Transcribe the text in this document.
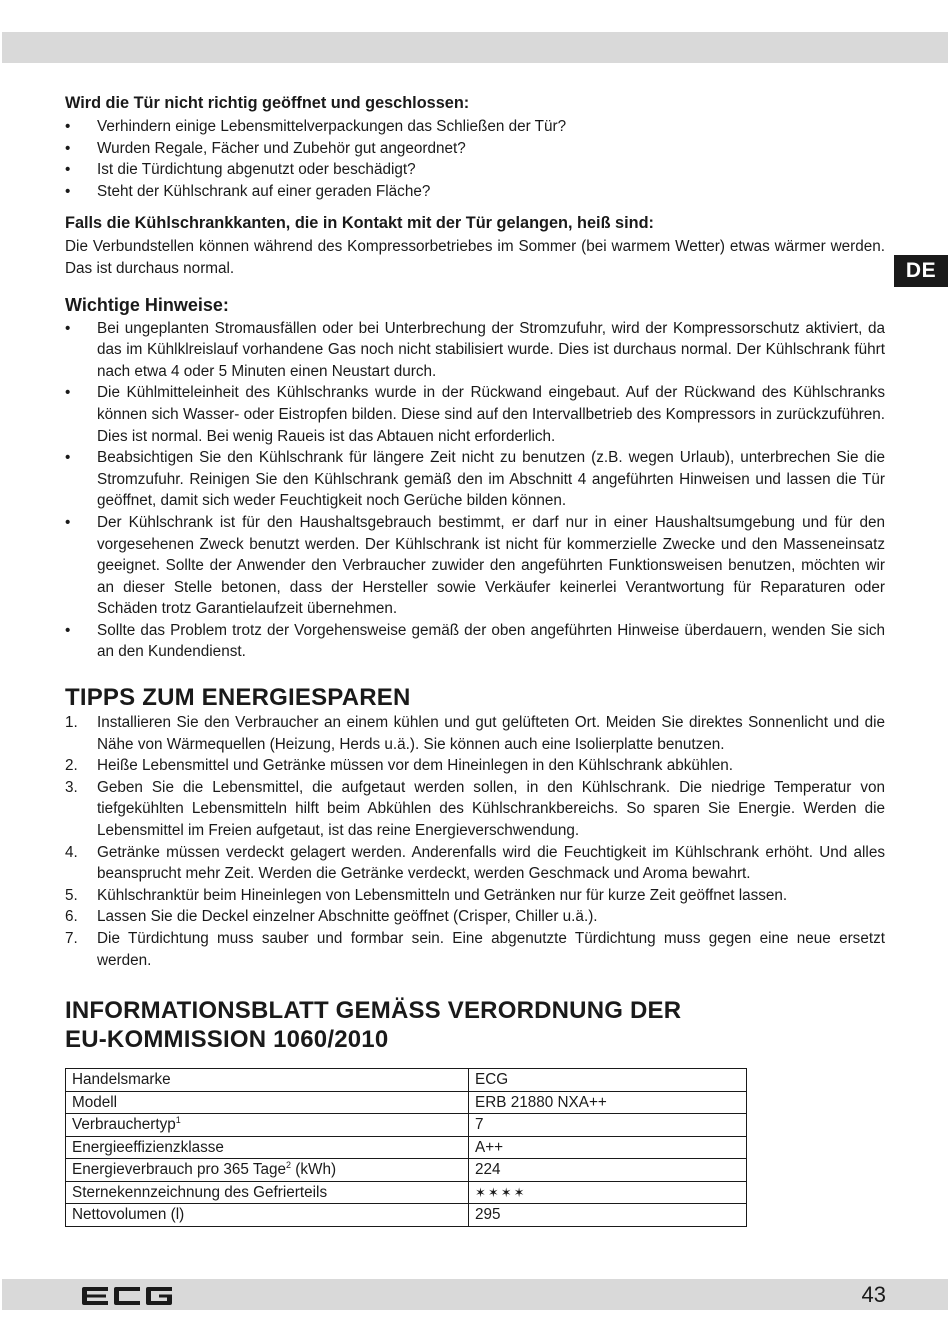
DE
Wird die Tür nicht richtig geöffnet und geschlossen:
• Verhindern einige Lebensmittelverpackungen das Schließen der Tür?
• Wurden Regale, Fächer und Zubehör gut angeordnet?
• Ist die Türdichtung abgenutzt oder beschädigt?
• Steht der Kühlschrank auf einer geraden Fläche?
Falls die Kühlschrankkanten, die in Kontakt mit der Tür gelangen, heiß sind:

Die Verbundstellen können während des Kompressorbetriebes im Sommer (bei warmem Wetter) etwas wärmer werden. Das ist durchaus normal.

Wichtige Hinweise:
• Bei ungeplanten Stromausfällen oder bei Unterbrechung der Stromzufuhr, wird der Kompressorschutz aktiviert, da das im Kühlklreislauf vorhandene Gas noch nicht stabilisiert wurde. Dies ist durchaus normal. Der Kühlschrank führt nach etwa 4 oder 5 Minuten einen Neustart durch.
• Die Kühlmitteleinheit des Kühlschranks wurde in der Rückwand eingebaut. Auf der Rückwand des Kühlschranks können sich Wasser- oder Eistropfen bilden. Diese sind auf den Intervallbetrieb des Kompressors in zurückzuführen. Dies ist normal. Bei wenig Raueis ist das Abtauen nicht erforderlich.
• Beabsichtigen Sie den Kühlschrank für längere Zeit nicht zu benutzen (z.B. wegen Urlaub), unterbrechen Sie die Stromzufuhr. Reinigen Sie den Kühlschrank gemäß den im Abschnitt 4 angeführten Hinweisen und lassen die Tür geöffnet, damit sich weder Feuchtigkeit noch Gerüche bilden können.
• Der Kühlschrank ist für den Haushaltsgebrauch bestimmt, er darf nur in einer Haushaltsumgebung und für den vorgesehenen Zweck benutzt werden. Der Kühlschrank ist nicht für kommerzielle Zwecke und den Masseneinsatz geeignet. Sollte der Anwender den Verbraucher zuwider den angeführten Funktionsweisen benutzen, möchten wir an dieser Stelle betonen, dass der Hersteller sowie Verkäufer keinerlei Verantwortung für Reparaturen oder Schäden trotz Garantielaufzeit übernehmen.
• Sollte das Problem trotz der Vorgehensweise gemäß der oben angeführten Hinweise überdauern, wenden Sie sich an den Kundendienst.
TIPPS ZUM ENERGIESPAREN
1. Installieren Sie den Verbraucher an einem kühlen und gut gelüfteten Ort. Meiden Sie direktes Sonnenlicht und die Nähe von Wärmequellen (Heizung, Herds u.ä.). Sie können auch eine Isolierplatte benutzen.
2. Heiße Lebensmittel und Getränke müssen vor dem Hineinlegen in den Kühlschrank abkühlen.
3. Geben Sie die Lebensmittel, die aufgetaut werden sollen, in den Kühlschrank. Die niedrige Temperatur von tiefgekühlten Lebensmitteln hilft beim Abkühlen des Kühlschrankbereichs. So sparen Sie Energie. Werden die Lebensmittel im Freien aufgetaut, ist das reine Energieverschwendung.
4. Getränke müssen verdeckt gelagert werden. Anderenfalls wird die Feuchtigkeit im Kühlschrank erhöht. Und alles beansprucht mehr Zeit. Werden die Getränke verdeckt, werden Geschmack und Aroma bewahrt.
5. Kühlschranktür beim Hineinlegen von Lebensmitteln und Getränken nur für kurze Zeit geöffnet lassen.
6. Lassen Sie die Deckel einzelner Abschnitte geöffnet (Crisper, Chiller u.ä.).
7. Die Türdichtung muss sauber und formbar sein. Eine abgenutzte Türdichtung muss gegen eine neue ersetzt werden.
INFORMATIONSBLATT GEMÄSS VERORDNUNG DER
EU-KOMMISSION 1060/2010
Handelsmarke	ECG
Modell	ERB 21880 NXA++
Verbrauchertyp$^1$	7
Energieeffizienzklasse	A++
Energieverbrauch pro 365 Tage$^2$ (kWh)	224
Sternekennzeichnung des Gefrierteils	✶✶✶✶
Nettovolumen (l)	295
43
